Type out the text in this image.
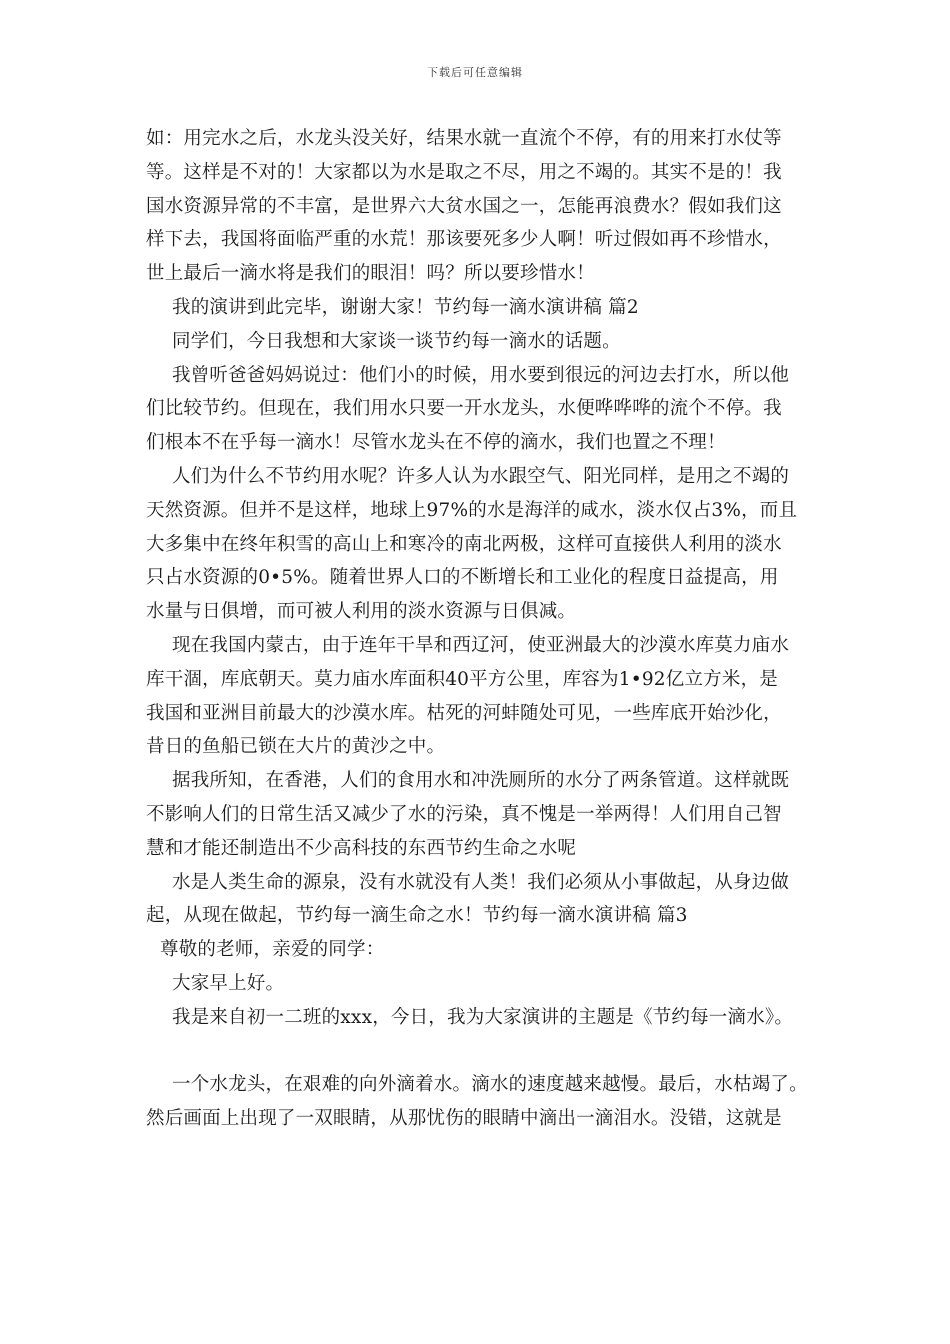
下载后可任意编辑
如：用完水之后，水龙头没关好，结果水就一直流个不停，有的用来打水仗等
等。这样是不对的！大家都以为水是取之不尽，用之不竭的。其实不是的！我
国水资源异常的不丰富，是世界六大贫水国之一，怎能再浪费水？假如我们这
样下去，我国将面临严重的水荒！那该要死多少人啊！听过假如再不珍惜水，
世上最后一滴水将是我们的眼泪！吗？所以要珍惜水！
我的演讲到此完毕，谢谢大家！节约每一滴水演讲稿 篇2
同学们，今日我想和大家谈一谈节约每一滴水的话题。
我曾听爸爸妈妈说过：他们小的时候，用水要到很远的河边去打水，所以他
们比较节约。但现在，我们用水只要一开水龙头，水便哗哗哗的流个不停。我
们根本不在乎每一滴水！尽管水龙头在不停的滴水，我们也置之不理！
人们为什么不节约用水呢？许多人认为水跟空气、阳光同样，是用之不竭的
天然资源。但并不是这样，地球上97%的水是海洋的咸水，淡水仅占3%，而且
大多集中在终年积雪的高山上和寒冷的南北两极，这样可直接供人利用的淡水
只占水资源的0•5%。随着世界人口的不断增长和工业化的程度日益提高，用
水量与日俱增，而可被人利用的淡水资源与日俱减。
现在我国内蒙古，由于连年干旱和西辽河，使亚洲最大的沙漠水库莫力庙水
库干涸，库底朝天。莫力庙水库面积40平方公里，库容为1•92亿立方米，是
我国和亚洲目前最大的沙漠水库。枯死的河蚌随处可见，一些库底开始沙化，
昔日的鱼船已锁在大片的黄沙之中。
据我所知，在香港，人们的食用水和冲洗厕所的水分了两条管道。这样就既
不影响人们的日常生活又减少了水的污染，真不愧是一举两得！人们用自己智
慧和才能还制造出不少高科技的东西节约生命之水呢
水是人类生命的源泉，没有水就没有人类！我们必须从小事做起，从身边做
起，从现在做起，节约每一滴生命之水！节约每一滴水演讲稿 篇3
尊敬的老师，亲爱的同学：
大家早上好。
我是来自初一二班的xxx，今日，我为大家演讲的主题是《节约每一滴水》。
一个水龙头，在艰难的向外滴着水。滴水的速度越来越慢。最后，水枯竭了。
然后画面上出现了一双眼睛，从那忧伤的眼睛中滴出一滴泪水。没错，这就是
